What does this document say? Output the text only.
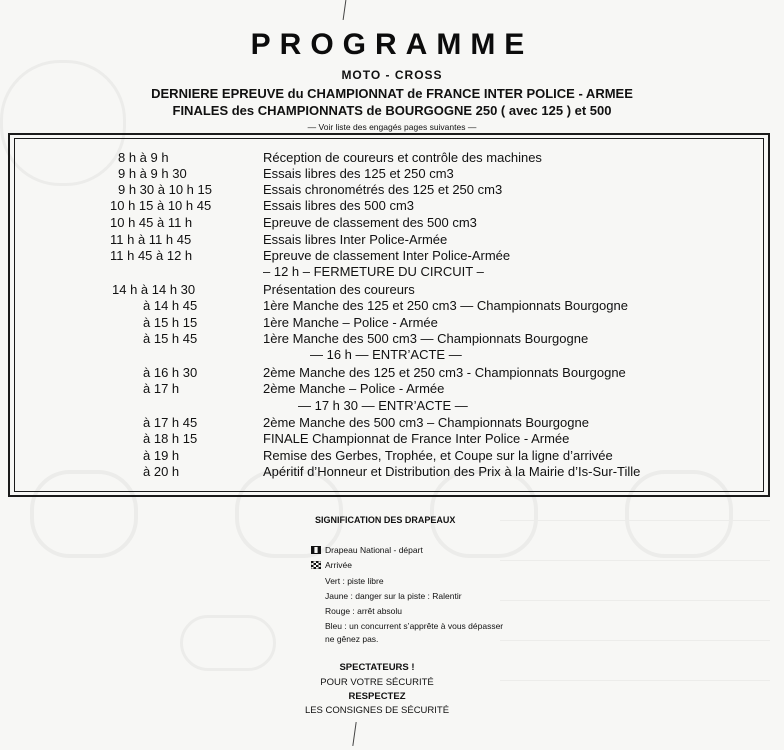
PROGRAMME
MOTO - CROSS
DERNIERE EPREUVE du CHAMPIONNAT de FRANCE INTER POLICE - ARMEE
FINALES des CHAMPIONNATS de BOURGOGNE 250 ( avec 125 ) et 500
— Voir liste des engagés pages suivantes —
8 h à 9 h	Réception de coureurs et contrôle des machines
9 h à 9 h 30	Essais libres des 125 et 250 cm3
9 h 30 à 10 h 15	Essais chronométrés des 125 et 250 cm3
10 h 15 à 10 h 45	Essais libres des 500 cm3
10 h 45 à 11 h	Epreuve de classement des 500 cm3
11 h à 11 h 45	Essais libres Inter Police-Armée
11 h 45 à 12 h	Epreuve de classement Inter Police-Armée
– 12 h – FERMETURE DU CIRCUIT –
14 h à 14 h 30	Présentation des coureurs
à 14 h 45	1ère Manche des 125 et 250 cm3 — Championnats Bourgogne
à 15 h 15	1ère Manche – Police - Armée
à 15 h 45	1ère Manche des 500 cm3 — Championnats Bourgogne
— 16 h — ENTR’ACTE —
à 16 h 30	2ème Manche des 125 et 250 cm3 - Championnats Bourgogne
à 17 h	2ème Manche – Police - Armée
— 17 h 30 — ENTR’ACTE —
à 17 h 45	2ème Manche des 500 cm3 – Championnats Bourgogne
à 18 h 15	FINALE Championnat de France Inter Police - Armée
à 19 h	Remise des Gerbes, Trophée, et Coupe sur la ligne d’arrivée
à 20 h	Apéritif d’Honneur et Distribution des Prix à la Mairie d’Is-Sur-Tille
SIGNIFICATION DES DRAPEAUX
Drapeau National - départ
Arrivée
Vert : piste libre
Jaune : danger sur la piste : Ralentir
Rouge : arrêt absolu
Bleu : un concurrent s’apprête à vous dépasser
ne gênez pas.
SPECTATEURS !
POUR VOTRE SÉCURITÉ
RESPECTEZ
LES CONSIGNES DE SÉCURITÉ
